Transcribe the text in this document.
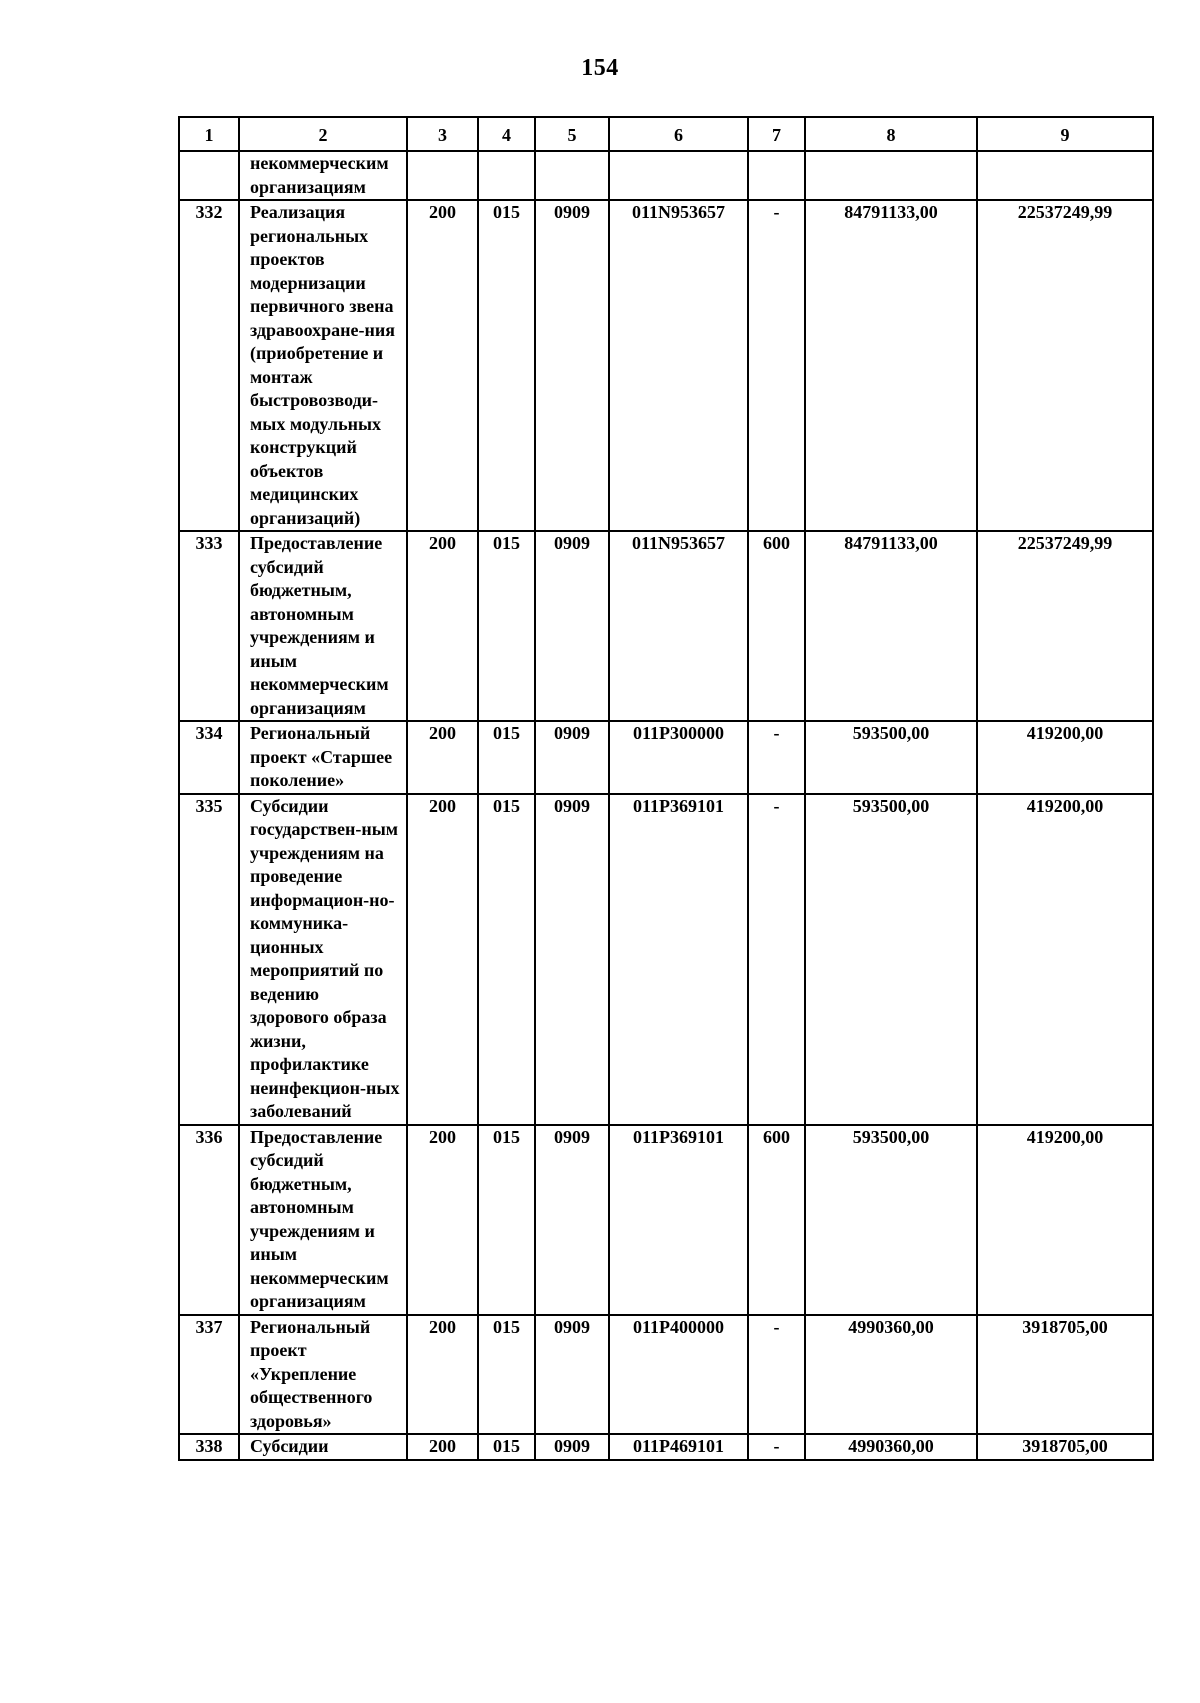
154
1	2	3	4	5	6	7	8	9
	некоммерческим организациям							
332	Реализация региональных проектов модернизации первичного звена здравоохране-ния (приобретение и монтаж быстровозводи-мых модульных конструкций объектов медицинских организаций)	200	015	0909	011N953657	-	84791133,00	22537249,99
333	Предоставление субсидий бюджетным, автономным учреждениям и иным некоммерческим организациям	200	015	0909	011N953657	600	84791133,00	22537249,99
334	Региональный проект «Старшее поколение»	200	015	0909	011P300000	-	593500,00	419200,00
335	Субсидии государствен-ным учреждениям на проведение информацион-но-коммуника-ционных мероприятий по ведению здорового образа жизни, профилактике неинфекцион-ных заболеваний	200	015	0909	011P369101	-	593500,00	419200,00
336	Предоставление субсидий бюджетным, автономным учреждениям и иным некоммерческим организациям	200	015	0909	011P369101	600	593500,00	419200,00
337	Региональный проект «Укрепление общественного здоровья»	200	015	0909	011P400000	-	4990360,00	3918705,00
338	Субсидии	200	015	0909	011P469101	-	4990360,00	3918705,00
